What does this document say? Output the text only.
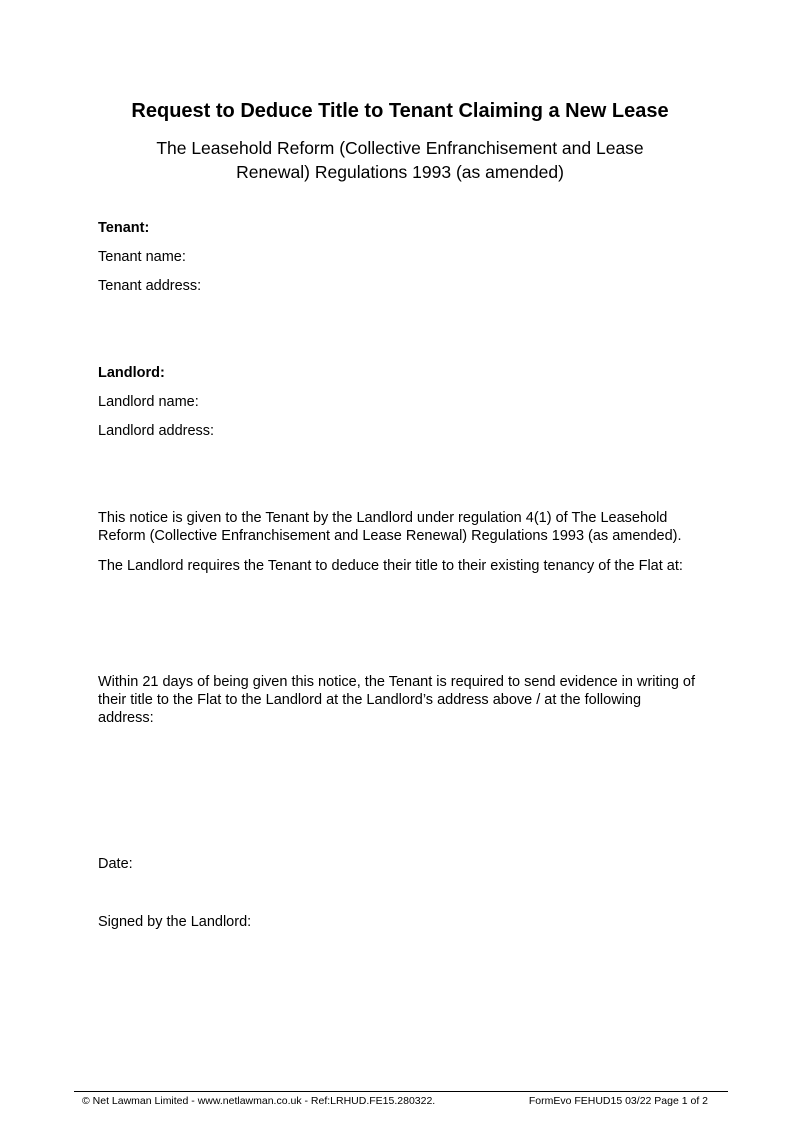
Request to Deduce Title to Tenant Claiming a New Lease
The Leasehold Reform (Collective Enfranchisement and Lease Renewal) Regulations 1993 (as amended)
Tenant:
Tenant name:
Tenant address:
Landlord:
Landlord name:
Landlord address:
This notice is given to the Tenant by the Landlord under regulation 4(1) of The Leasehold Reform (Collective Enfranchisement and Lease Renewal) Regulations 1993 (as amended).
The Landlord requires the Tenant to deduce their title to their existing tenancy of the Flat at:
Within 21 days of being given this notice, the Tenant is required to send evidence in writing of their title to the Flat to the Landlord at the Landlord’s address above / at the following address:
Date:
Signed by the Landlord:
© Net Lawman Limited - www.netlawman.co.uk - Ref:LRHUD.FE15.280322.	FormEvo FEHUD15 03/22 Page 1 of 2
